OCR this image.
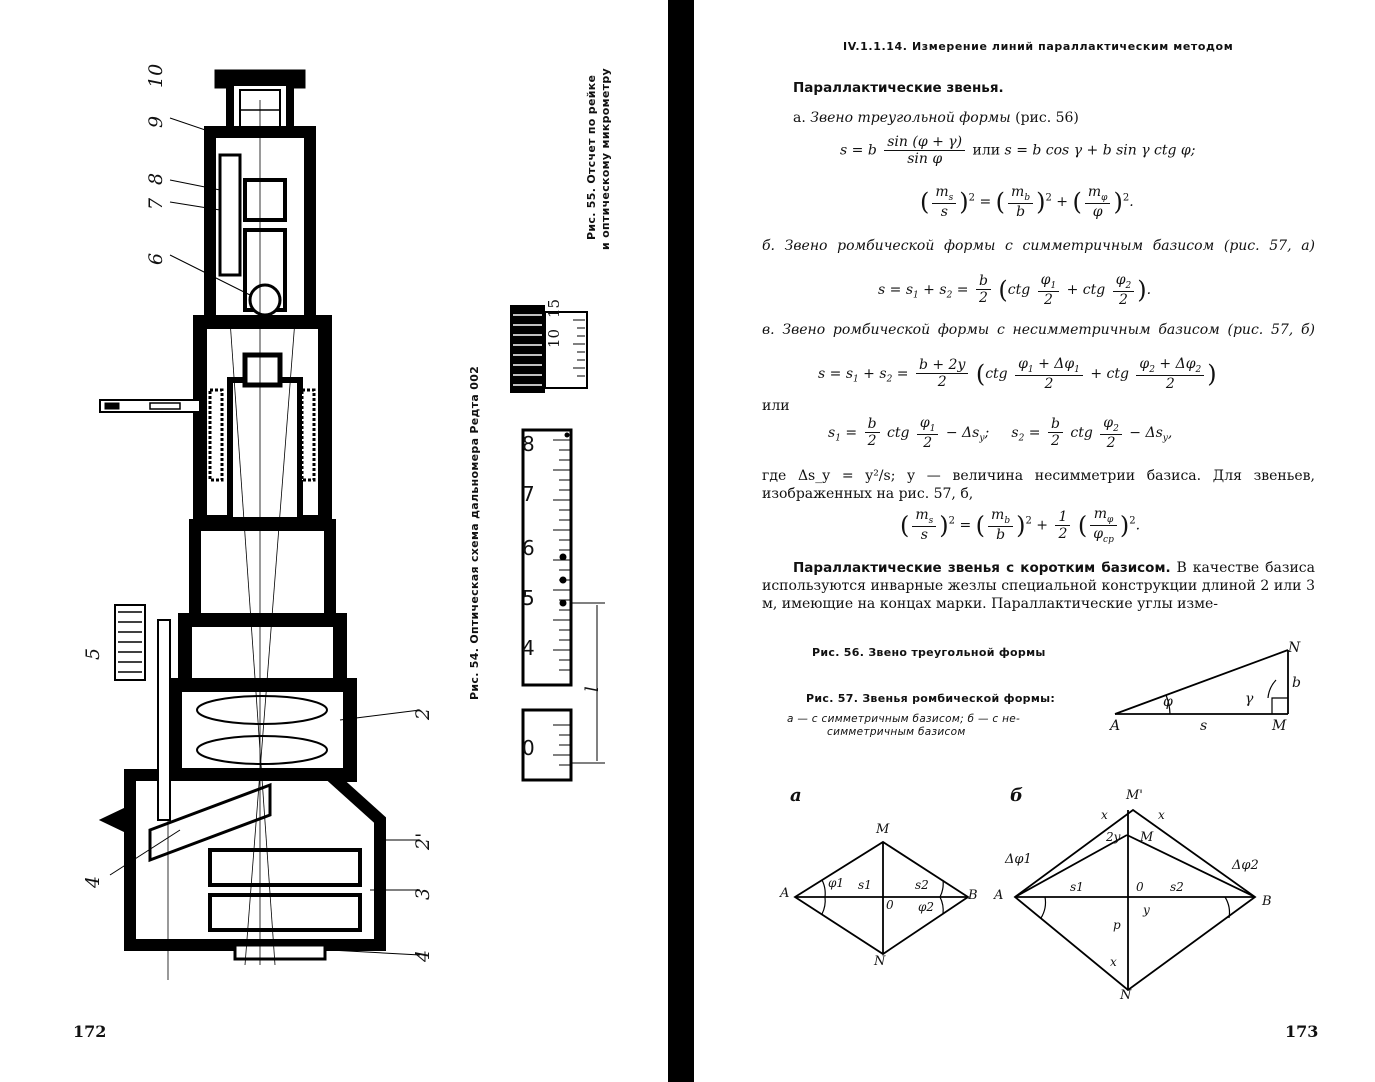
10
9
8
7
6
5
4
2
2'
3
4
Рис. 54. Оптическая схема дальномера Редта 002
Рис. 55. Отсчет по рейке и оптическому микрометру
10
15
8
7
6
5
4
0
l
172
IV.1.1.14. Измерение линий параллактическим методом
Параллактические звенья.
а. Звено треугольной формы (рис. 56)
s = b $\frac{\sin (\varphi + \gamma)}{\text{sin φ}}$ или s = b cos γ + b sin γ ctg φ;
( $\frac{m_s}{s} )^2$ = ( $\frac{m_b}{b} )^2$ + ( $\frac{m_\varphi}{\varphi} )^2$.
б. Звено ромбической формы с симметричным базисом (рис. 57, а)
$s = s_1 + s_2 = \frac{b}{2} (ctg \frac{\varphi_1}{2}$ + ctg $\frac{\varphi_2}{2}$ ).
в. Звено ромбической формы с несимметричным базисом (рис. 57, б)
$s = s_1 + s_2 = \frac{b + 2y}{2} (ctg \frac{\varphi_1 + \Delta\varphi_1}{2}$ + ctg $\frac{\varphi_2 + \Delta\varphi_2}{2}$ )
или
$s_1 = \frac{b}{2}$ ctg $\frac{\varphi_1}{2} - \Delta s_y$;     $s_2 = \frac{b}{2}$ ctg $\frac{\varphi_2}{2} - \Delta s_y$,
где Δs_y = y²/s; y — величина несимметрии базиса. Для звеньев, изображенных на рис. 57, б,
( $\frac{m_s}{s} )^2$ = ( $\frac{m_b}{b} )^2 + \frac{1}{2}$ ( $\frac{m_\varphi}{\varphi_{ср}} )^2$.
Параллактические звенья с коротким базисом. В качестве базиса используются инварные жезлы специальной конструкции длиной 2 или 3 м, имеющие на концах марки. Параллактические углы изме-
Рис. 56. Звено треугольной формы
Рис. 57. Звенья ромбической формы:
а — с симметричным базисом; б — с не-
симметричным базисом	A	M
N
b
s
φ	γ
а
A	B
M
N
0
s1	s2
φ1
φ2
б
A	B
M'
M
N
0
s1	s2
p
y
x	x
x
2y
Δφ1	Δφ2
173
